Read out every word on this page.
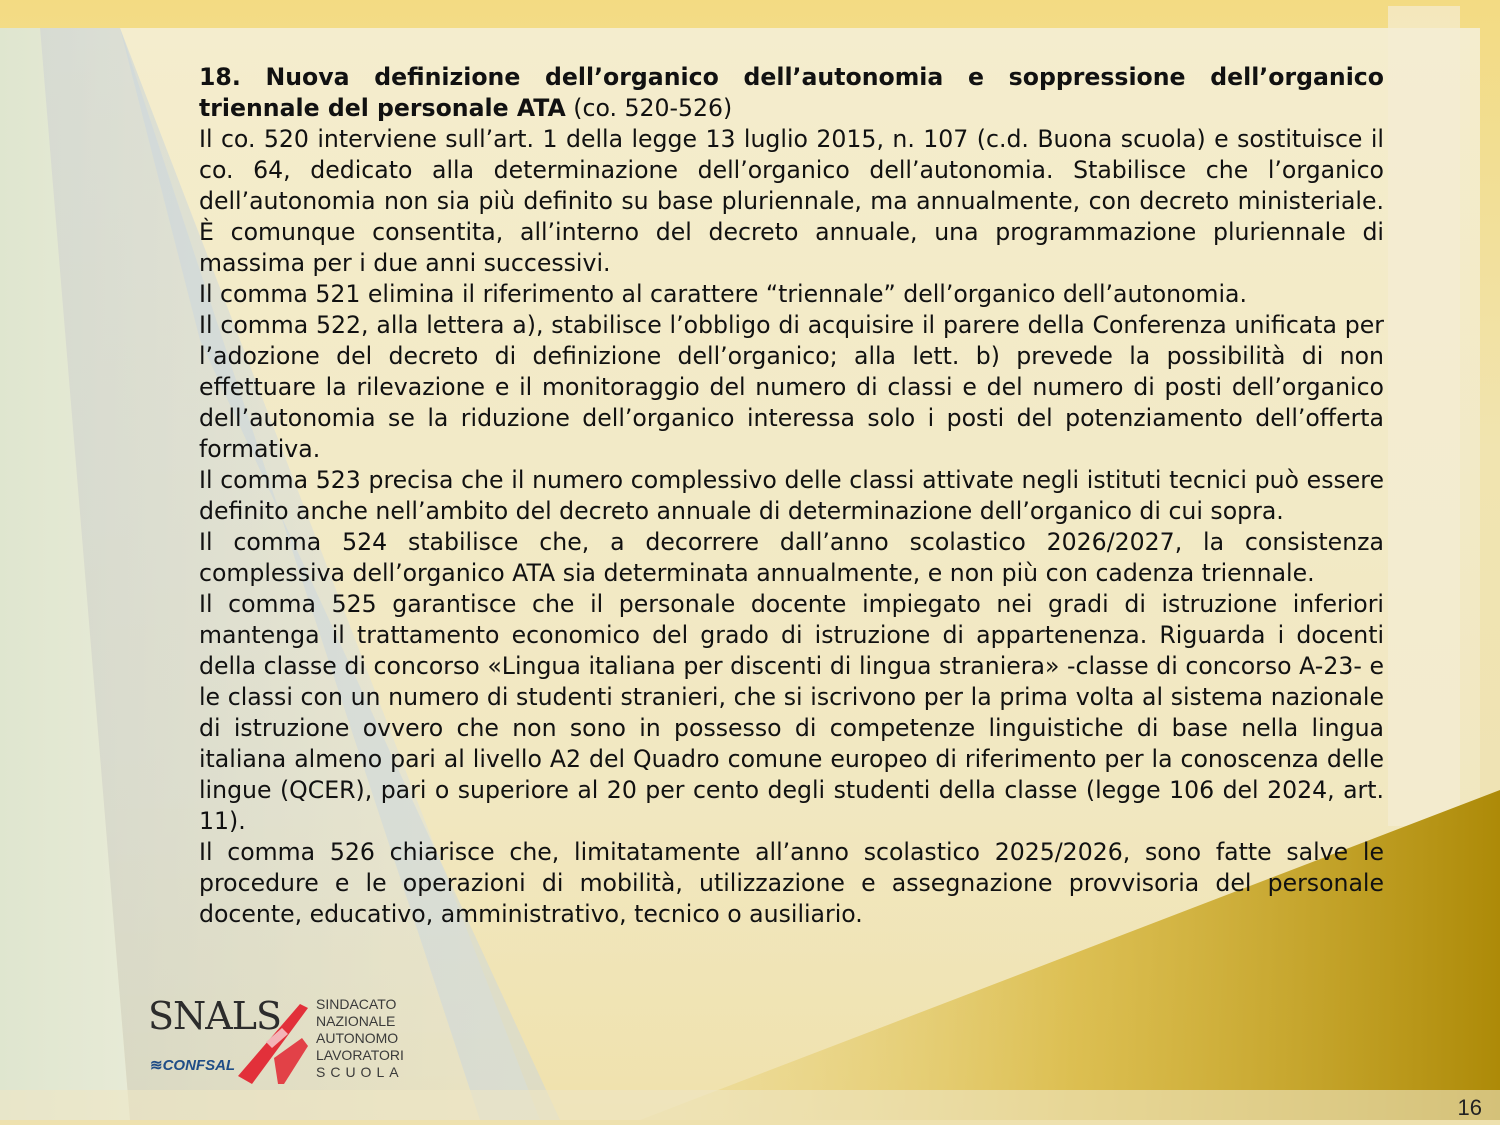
18. Nuova definizione dell’organico dell’autonomia e soppressione dell’organico triennale del personale ATA (co. 520-526)

Il co. 520 interviene sull’art. 1 della legge 13 luglio 2015, n. 107 (c.d. Buona scuola) e sostituisce il co. 64, dedicato alla determinazione dell’organico dell’autonomia. Stabilisce che l’organico dell’autonomia non sia più definito su base pluriennale, ma annualmente, con decreto ministeriale. È comunque consentita, all’interno del decreto annuale, una programmazione pluriennale di massima per i due anni successivi.

Il comma 521 elimina il riferimento al carattere “triennale” dell’organico dell’autonomia.

Il comma 522, alla lettera a), stabilisce l’obbligo di acquisire il parere della Conferenza unificata per l’adozione del decreto di definizione dell’organico; alla lett. b) prevede la possibilità di non effettuare la rilevazione e il monitoraggio del numero di classi e del numero di posti dell’organico dell’autonomia se la riduzione dell’organico interessa solo i posti del potenziamento dell’offerta formativa.

Il comma 523 precisa che il numero complessivo delle classi attivate negli istituti tecnici può essere definito anche nell’ambito del decreto annuale di determinazione dell’organico di cui sopra.

Il comma 524 stabilisce che, a decorrere dall’anno scolastico 2026/2027, la consistenza complessiva dell’organico ATA sia determinata annualmente, e non più con cadenza triennale.

Il comma 525 garantisce che il personale docente impiegato nei gradi di istruzione inferiori mantenga il trattamento economico del grado di istruzione di appartenenza. Riguarda i docenti della classe di concorso «Lingua italiana per discenti di lingua straniera» -classe di concorso A-23- e le classi con un numero di studenti stranieri, che si iscrivono per la prima volta al sistema nazionale di istruzione ovvero che non sono in possesso di competenze linguistiche di base nella lingua italiana almeno pari al livello A2 del Quadro comune europeo di riferimento per la conoscenza delle lingue (QCER), pari o superiore al 20 per cento degli studenti della classe (legge 106 del 2024, art. 11).

Il comma 526 chiarisce che, limitatamente all’anno scolastico 2025/2026, sono fatte salve le procedure e le operazioni di mobilità, utilizzazione e assegnazione provvisoria del personale docente, educativo, amministrativo, tecnico o ausiliario.

SNALS
≋CONFSAL
SINDACATO
NAZIONALE
AUTONOMO
LAVORATORI
SCUOLA
16
